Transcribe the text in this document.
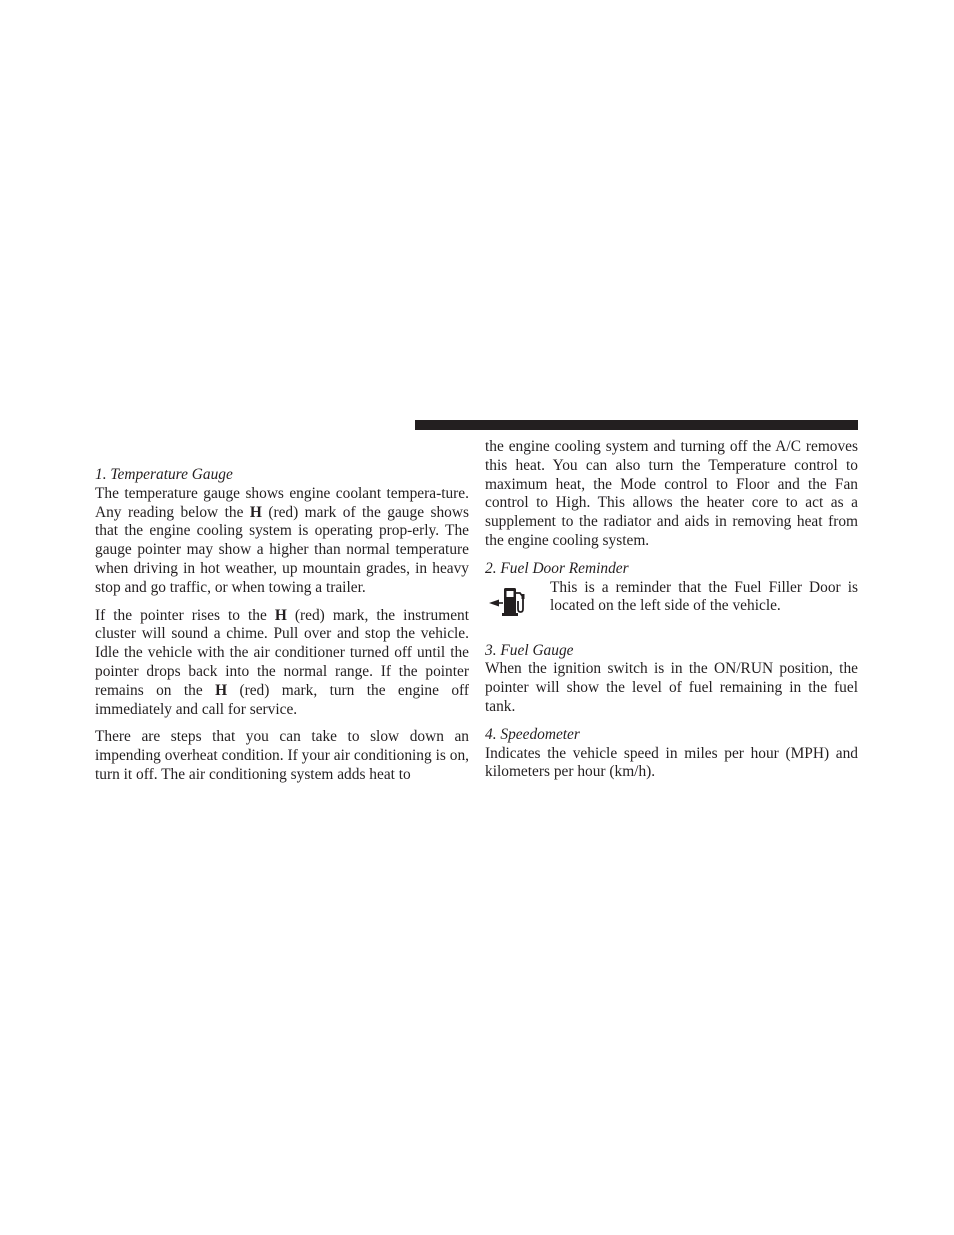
1. Temperature Gauge

The temperature gauge shows engine coolant tempera-ture. Any reading below the H (red) mark of the gauge shows that the engine cooling system is operating prop-erly. The gauge pointer may show a higher than normal temperature when driving in hot weather, up mountain grades, in heavy stop and go traffic, or when towing a trailer.

If the pointer rises to the H (red) mark, the instrument cluster will sound a chime. Pull over and stop the vehicle. Idle the vehicle with the air conditioner turned off until the pointer drops back into the normal range. If the pointer remains on the H (red) mark, turn the engine off immediately and call for service.

There are steps that you can take to slow down an impending overheat condition. If your air conditioning is on, turn it off. The air conditioning system adds heat to

the engine cooling system and turning off the A/C removes this heat. You can also turn the Temperature control to maximum heat, the Mode control to Floor and the Fan control to High. This allows the heater core to act as a supplement to the radiator and aids in removing heat from the engine cooling system.

2. Fuel Door Reminder

This is a reminder that the Fuel Filler Door is located on the left side of the vehicle.

3. Fuel Gauge

When the ignition switch is in the ON/RUN position, the pointer will show the level of fuel remaining in the fuel tank.

4. Speedometer

Indicates the vehicle speed in miles per hour (MPH) and kilometers per hour (km/h).
